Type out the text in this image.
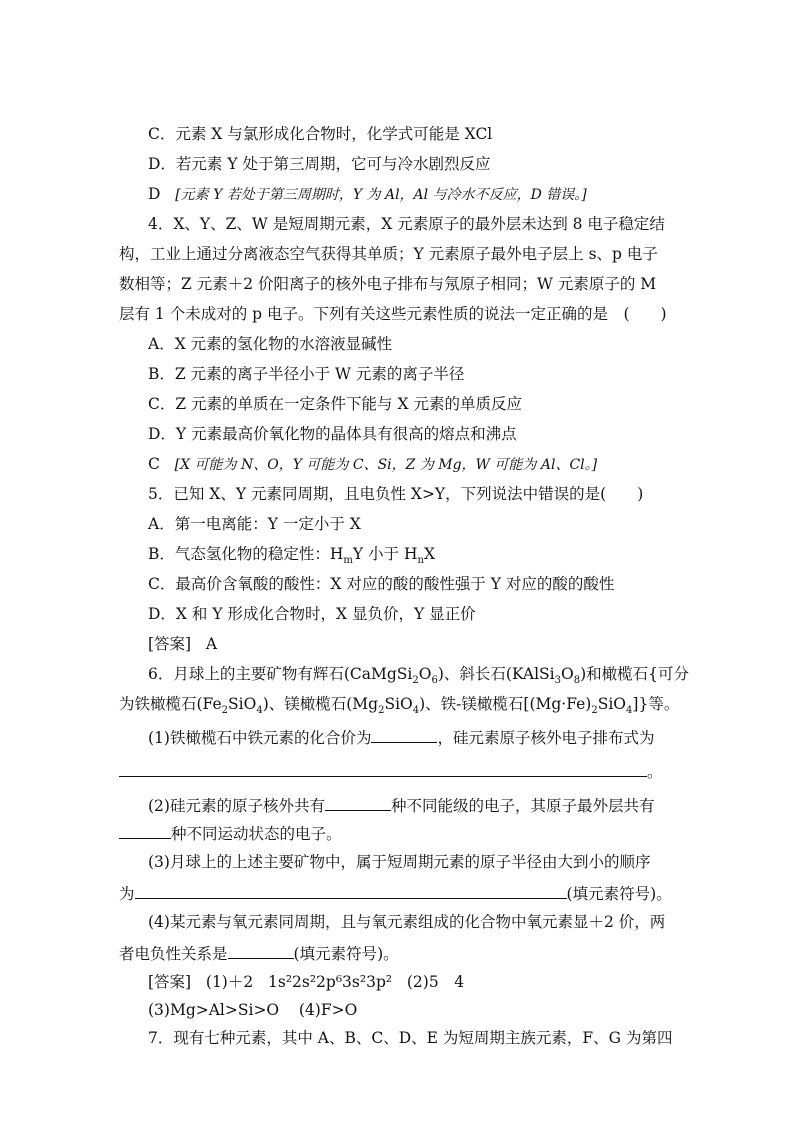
C．元素 X 与氯形成化合物时，化学式可能是 XCl
D．若元素 Y 处于第三周期，它可与冷水剧烈反应
D [元素 Y 若处于第三周期时，Y 为 Al，Al 与冷水不反应，D 错误。]
4．X、Y、Z、W 是短周期元素，X 元素原子的最外层未达到 8 电子稳定结
构，工业上通过分离液态空气获得其单质；Y 元素原子最外电子层上 s、p 电子
数相等；Z 元素＋2 价阳离子的核外电子排布与氖原子相同；W 元素原子的 M
层有 1 个未成对的 p 电子。下列有关这些元素性质的说法一定正确的是　(　　)
A．X 元素的氢化物的水溶液显碱性
B．Z 元素的离子半径小于 W 元素的离子半径
C．Z 元素的单质在一定条件下能与 X 元素的单质反应
D．Y 元素最高价氧化物的晶体具有很高的熔点和沸点
C [X 可能为 N、O，Y 可能为 C、Si，Z 为 Mg，W 可能为 Al、Cl。]
5．已知 X、Y 元素同周期，且电负性 X>Y，下列说法中错误的是(　　)
A．第一电离能：Y 一定小于 X
B．气态氢化物的稳定性：$H_mY$ 小于 $H_nX$
C．最高价含氧酸的酸性：X 对应的酸的酸性强于 Y 对应的酸的酸性
D．X 和 Y 形成化合物时，X 显负价，Y 显正价
[答案] A
6．月球上的主要矿物有辉石$(CaMgSi_2O_6)$、斜长石$(KAlSi_3O_8)$和橄榄石{可分
为铁橄榄石$(Fe_2SiO_4)$、镁橄榄石$(Mg_2SiO_4)$、铁-镁橄榄石$[(Mg\cdot Fe)_2SiO_4]$}等。
(1)铁橄榄石中铁元素的化合价为	，硅元素原子核外电子排布式为
。
(2)硅元素的原子核外共有	种不同能级的电子，其原子最外层共有
种不同运动状态的电子。
(3)月球上的上述主要矿物中，属于短周期元素的原子半径由大到小的顺序
为	(填元素符号)。
(4)某元素与氧元素同周期，且与氧元素组成的化合物中氧元素显＋2 价，两
者电负性关系是	(填元素符号)。
[答案] (1)＋2 1s²2s²2p⁶3s²3p² (2)5　4
(3)Mg>Al>Si>O (4)F>O
7．现有七种元素，其中 A、B、C、D、E 为短周期主族元素，F、G 为第四
